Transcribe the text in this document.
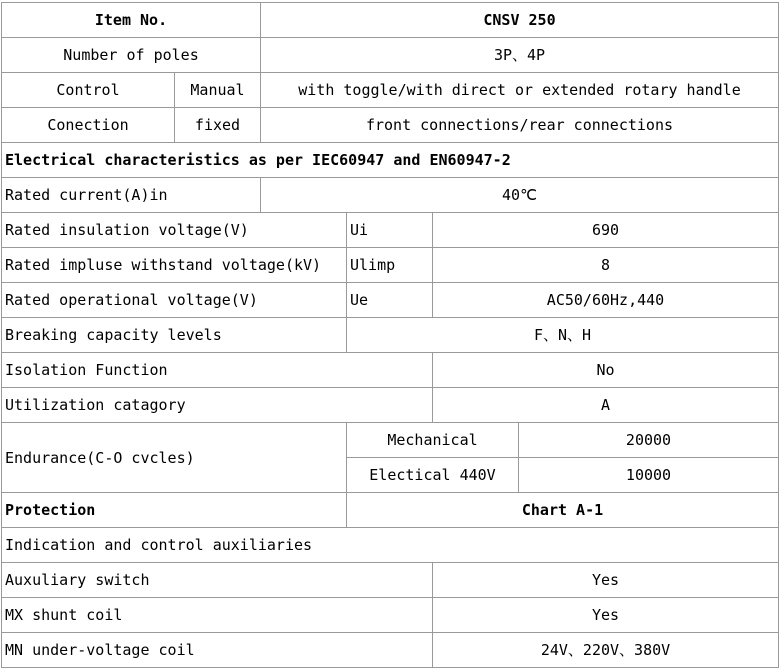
Item No.		CNSV 250			
Number of poles		3P、4P			
Control	Manual	with toggle/with direct or extended rotary handle			
Conection	fixed	front connections/rear connections			
Electrical characteristics as per IEC60947 and EN60947-2					
Rated current(A)in		40℃			
Rated insulation voltage(V)			Ui	690	
Rated impluse withstand voltage(kV)			Ulimp	8	
Rated operational voltage(V)			Ue	AC50/60Hz,440	
Breaking capacity levels			F、N、H		
Isolation Function				No	
Utilization catagory				A	
Endurance(C-O cvcles)			Mechanical		20000
			Electical 440V		10000
Protection			Chart A-1		
Indication and control auxiliaries					
Auxuliary switch				Yes	
MX shunt coil				Yes	
MN under-voltage coil				24V、220V、380V	
